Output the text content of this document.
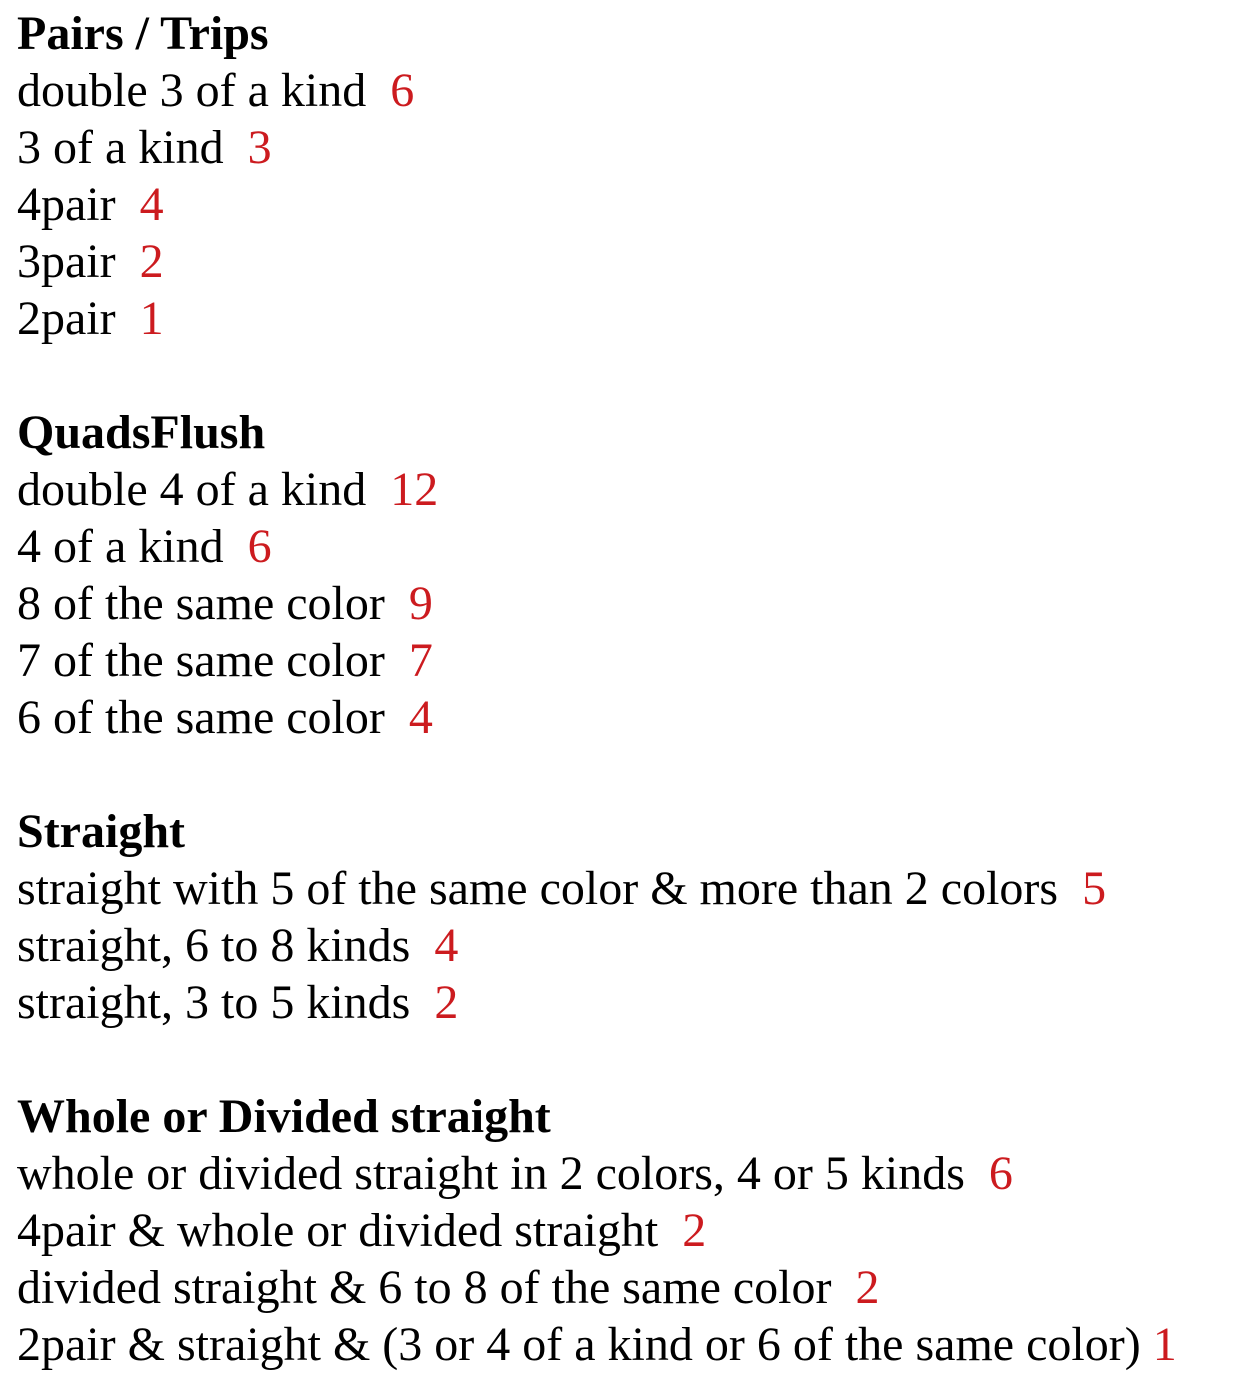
Pairs / Trips
double 3 of a kind 6
3 of a kind 3
4pair 4
3pair 2
2pair 1
QuadsFlush
double 4 of a kind 12
4 of a kind 6
8 of the same color 9
7 of the same color 7
6 of the same color 4
Straight
straight with 5 of the same color & more than 2 colors 5
straight, 6 to 8 kinds 4
straight, 3 to 5 kinds 2
Whole or Divided straight
whole or divided straight in 2 colors, 4 or 5 kinds 6
4pair & whole or divided straight 2
divided straight & 6 to 8 of the same color 2
2pair & straight & (3 or 4 of a kind or 6 of the same color) 1
